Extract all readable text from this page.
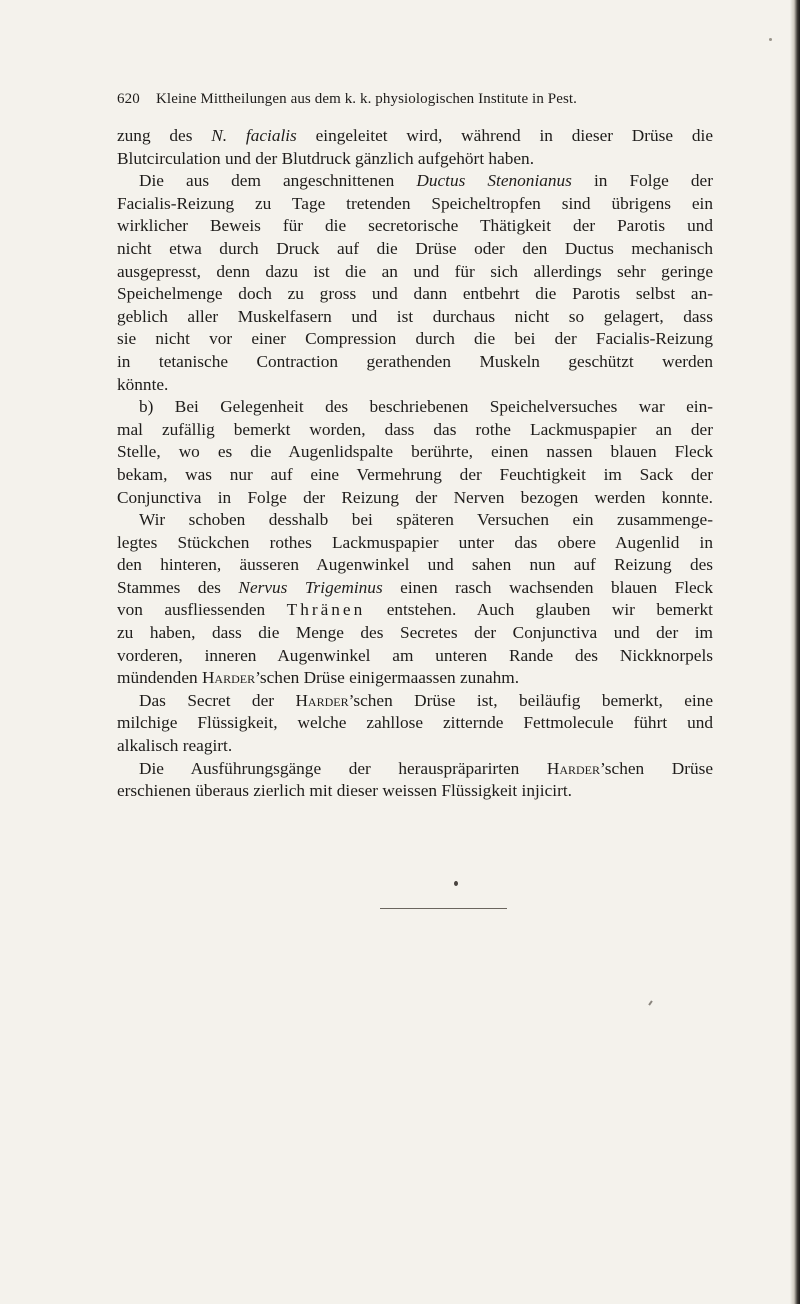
620 Kleine Mittheilungen aus dem k. k. physiologischen Institute in Pest.
zung des N. facialis eingeleitet wird, während in dieser Drüse die
Blutcirculation und der Blutdruck gänzlich aufgehört haben.
Die aus dem angeschnittenen Ductus Stenonianus in Folge der
Facialis-Reizung zu Tage tretenden Speicheltropfen sind übrigens ein
wirklicher Beweis für die secretorische Thätigkeit der Parotis und
nicht etwa durch Druck auf die Drüse oder den Ductus mechanisch
ausgepresst, denn dazu ist die an und für sich allerdings sehr geringe
Speichelmenge doch zu gross und dann entbehrt die Parotis selbst an-
geblich aller Muskelfasern und ist durchaus nicht so gelagert, dass
sie nicht vor einer Compression durch die bei der Facialis-Reizung
in tetanische Contraction gerathenden Muskeln geschützt werden
könnte.
b) Bei Gelegenheit des beschriebenen Speichelversuches war ein-
mal zufällig bemerkt worden, dass das rothe Lackmuspapier an der
Stelle, wo es die Augenlidspalte berührte, einen nassen blauen Fleck
bekam, was nur auf eine Vermehrung der Feuchtigkeit im Sack der
Conjunctiva in Folge der Reizung der Nerven bezogen werden konnte.
Wir schoben desshalb bei späteren Versuchen ein zusammenge-
legtes Stückchen rothes Lackmuspapier unter das obere Augenlid in
den hinteren, äusseren Augenwinkel und sahen nun auf Reizung des
Stammes des Nervus Trigeminus einen rasch wachsenden blauen Fleck
von ausfliessenden Thränen entstehen. Auch glauben wir bemerkt
zu haben, dass die Menge des Secretes der Conjunctiva und der im
vorderen, inneren Augenwinkel am unteren Rande des Nickknorpels
mündenden Harder’schen Drüse einigermaassen zunahm.
Das Secret der Harder’schen Drüse ist, beiläufig bemerkt, eine
milchige Flüssigkeit, welche zahllose zitternde Fettmolecule führt und
alkalisch reagirt.
Die Ausführungsgänge der herauspräparirten Harder’schen Drüse
erschienen überaus zierlich mit dieser weissen Flüssigkeit injicirt.
